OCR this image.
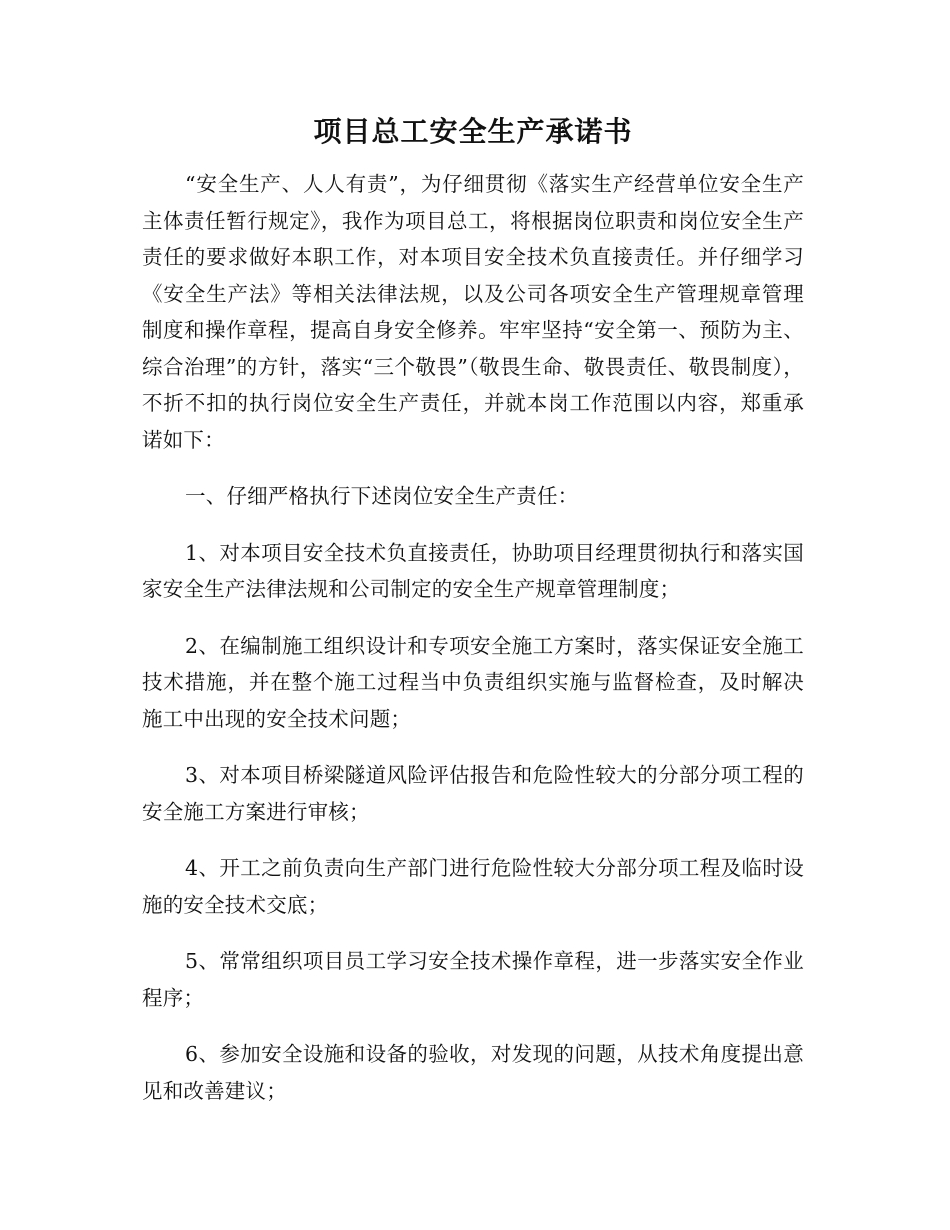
项目总工安全生产承诺书

“安全生产、人人有责”，为仔细贯彻《落实生产经营单位安全生产主体责任暂行规定》，我作为项目总工，将根据岗位职责和岗位安全生产责任的要求做好本职工作，对本项目安全技术负直接责任。并仔细学习《安全生产法》等相关法律法规，以及公司各项安全生产管理规章管理制度和操作章程，提高自身安全修养。牢牢坚持“安全第一、预防为主、综合治理”的方针，落实“三个敬畏”（敬畏生命、敬畏责任、敬畏制度），不折不扣的执行岗位安全生产责任，并就本岗工作范围以内容，郑重承诺如下：

一、仔细严格执行下述岗位安全生产责任：

1、对本项目安全技术负直接责任，协助项目经理贯彻执行和落实国家安全生产法律法规和公司制定的安全生产规章管理制度；

2、在编制施工组织设计和专项安全施工方案时，落实保证安全施工技术措施，并在整个施工过程当中负责组织实施与监督检查，及时解决施工中出现的安全技术问题；

3、对本项目桥梁隧道风险评估报告和危险性较大的分部分项工程的安全施工方案进行审核；

4、开工之前负责向生产部门进行危险性较大分部分项工程及临时设施的安全技术交底；

5、常常组织项目员工学习安全技术操作章程，进一步落实安全作业程序；

6、参加安全设施和设备的验收，对发现的问题，从技术角度提出意见和改善建议；
